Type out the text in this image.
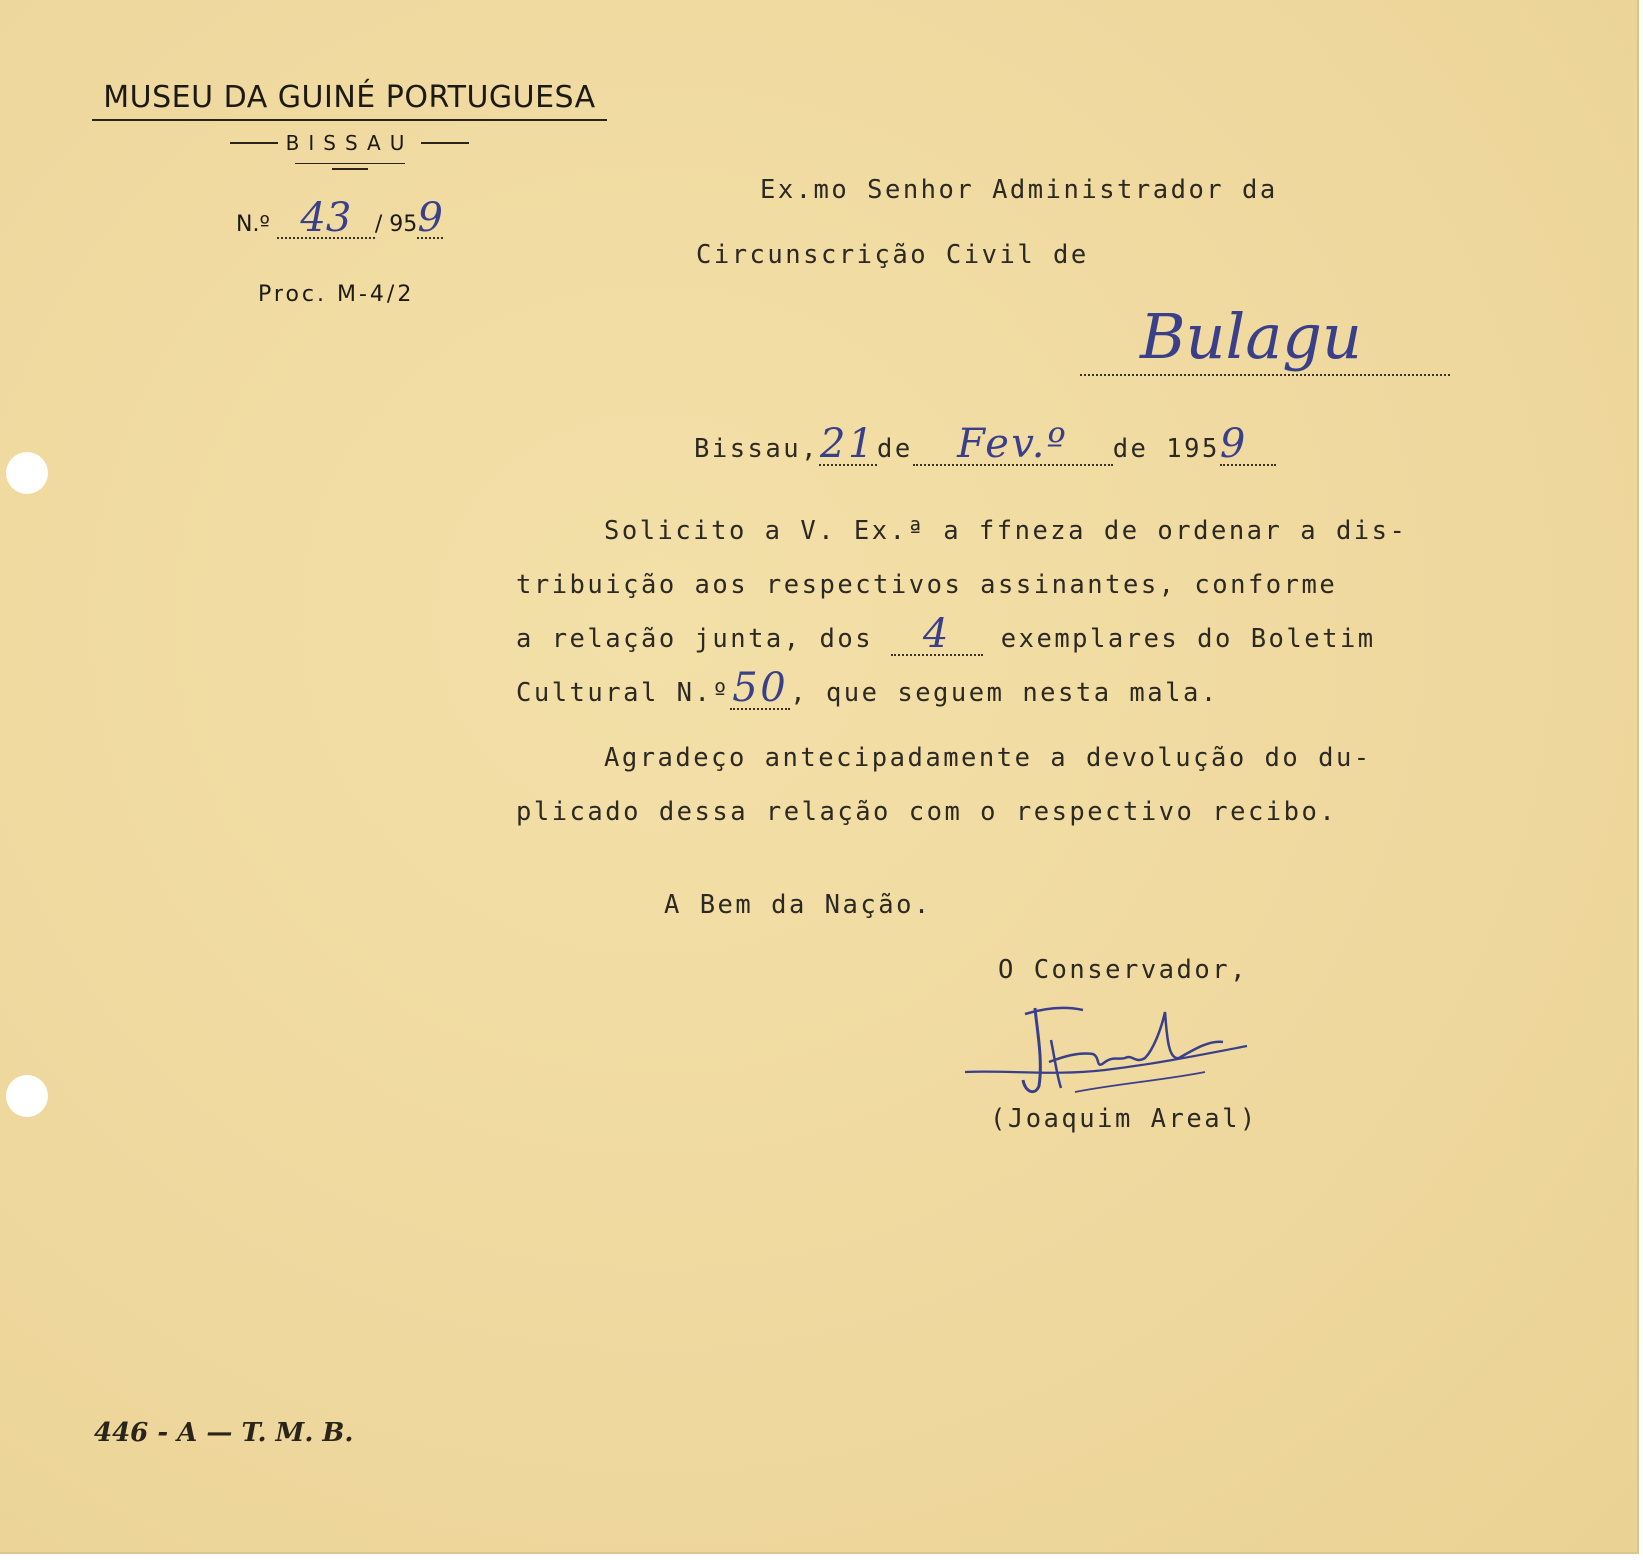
MUSEU DA GUINÉ PORTUGUESA
BISSAU
N.º 43 / 959
Proc. M-4/2
Ex.mo Senhor Administrador da
Circunscrição Civil de
Bulagu
Bissau,21de Fev.º de 1959
Solicito a V. Ex.ª a ffneza de ordenar a dis-
tribuição aos respectivos assinantes, conforme
a relação junta, dos 4 exemplares do Boletim
Cultural N.º50, que seguem nesta mala.
Agradeço antecipadamente a devolução do du-
plicado dessa relação com o respectivo recibo.
A Bem da Nação.
O Conservador,
(Joaquim Areal)
446 - A — T. M. B.
